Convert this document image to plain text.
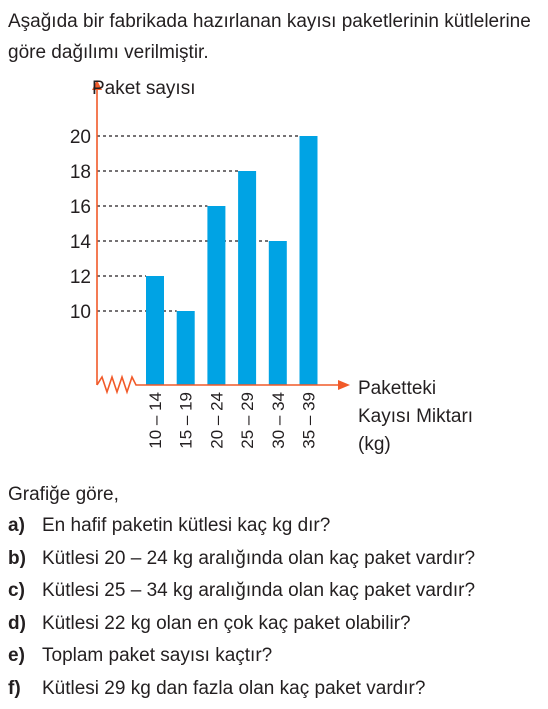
Aşağıda bir fabrikada hazırlanan kayısı paketlerinin kütlelerine göre dağılımı verilmiştir.

10
12
14
16
18
20
10 – 14 15 – 19 20 – 24 25 – 29 30 – 34 35 – 39
Paket sayısı
Paketteki
Kayısı Miktarı
(kg)
Grafiğe göre,
a) En hafif paketin kütlesi kaç kg dır?
b) Kütlesi 20 – 24 kg aralığında olan kaç paket vardır?
c) Kütlesi 25 – 34 kg aralığında olan kaç paket vardır?
d) Kütlesi 22 kg olan en çok kaç paket olabilir?
e) Toplam paket sayısı kaçtır?
f) Kütlesi 29 kg dan fazla olan kaç paket vardır?
